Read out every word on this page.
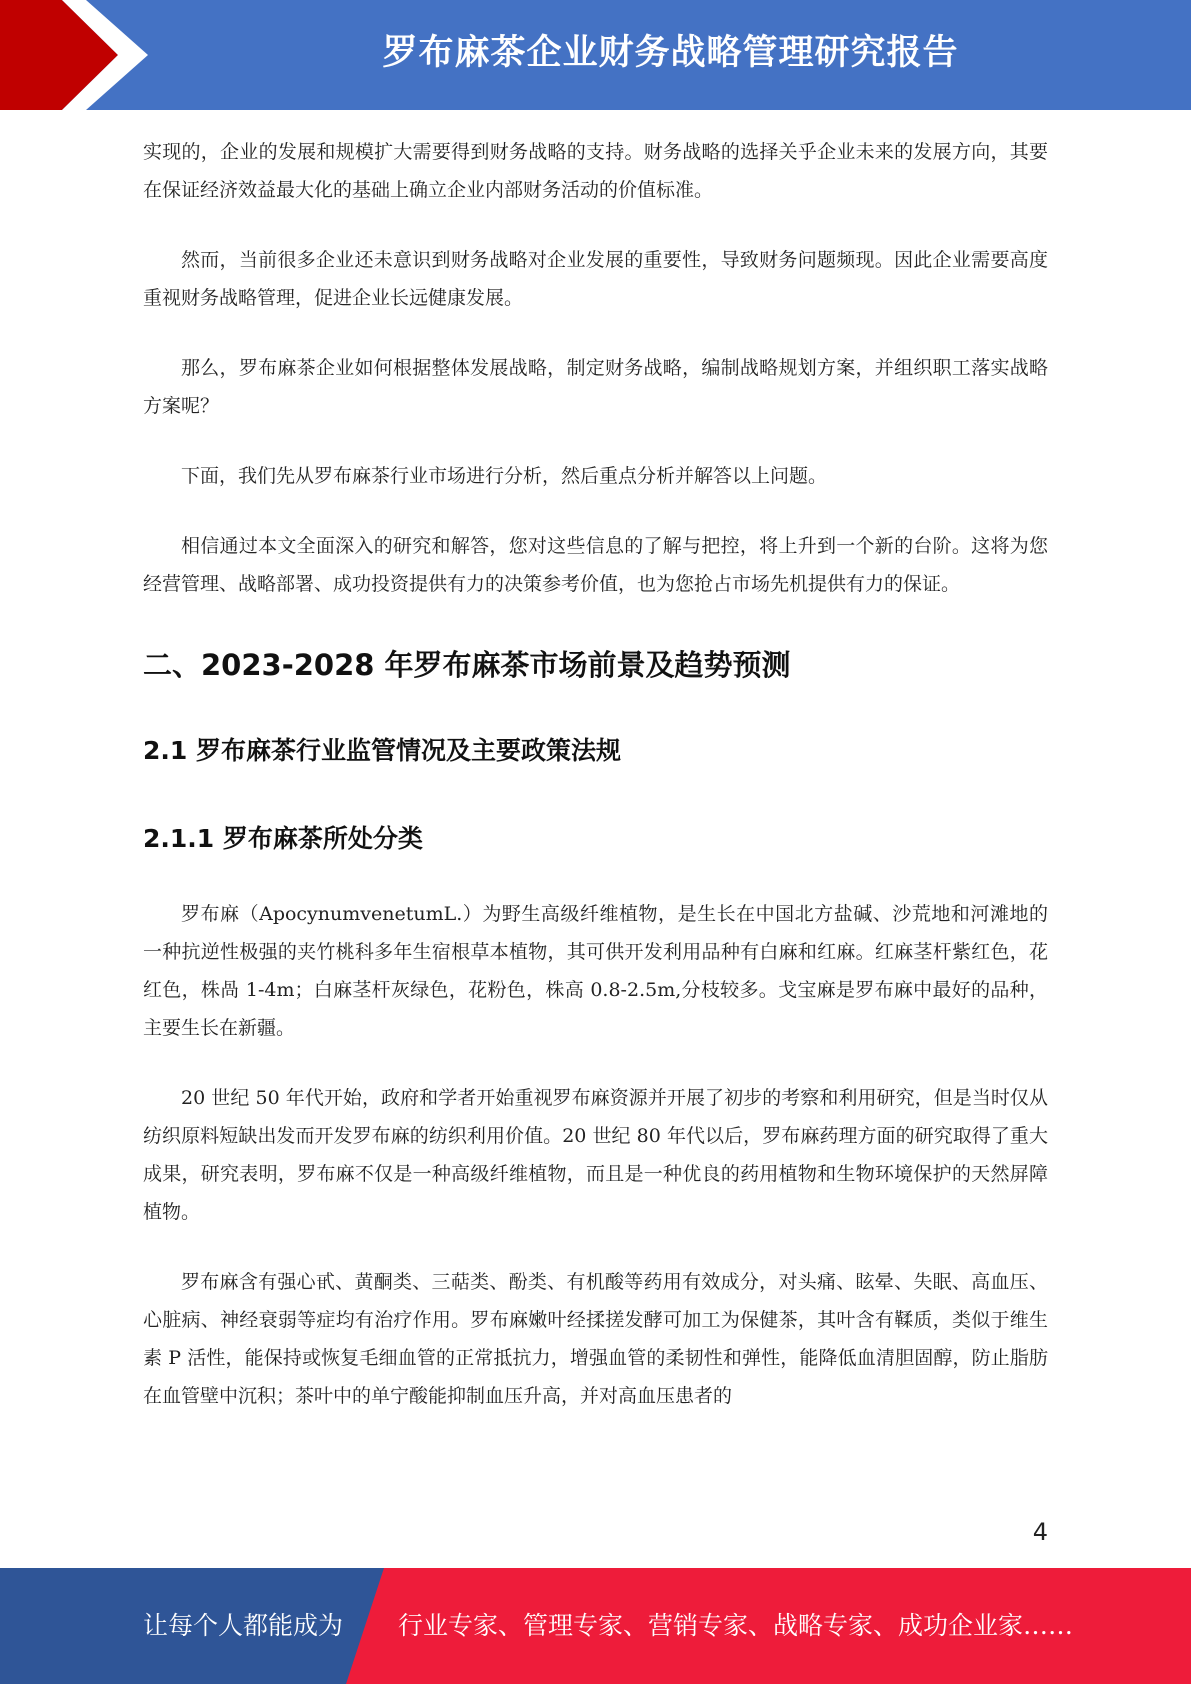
罗布麻茶企业财务战略管理研究报告

实现的，企业的发展和规模扩大需要得到财务战略的支持。财务战略的选择关乎企业未来的发展方向，其要在保证经济效益最大化的基础上确立企业内部财务活动的价值标准。

然而，当前很多企业还未意识到财务战略对企业发展的重要性，导致财务问题频现。因此企业需要高度重视财务战略管理，促进企业长远健康发展。

那么，罗布麻茶企业如何根据整体发展战略，制定财务战略，编制战略规划方案，并组织职工落实战略方案呢？

下面，我们先从罗布麻茶行业市场进行分析，然后重点分析并解答以上问题。

相信通过本文全面深入的研究和解答，您对这些信息的了解与把控，将上升到一个新的台阶。这将为您经营管理、战略部署、成功投资提供有力的决策参考价值，也为您抢占市场先机提供有力的保证。

二、2023-2028 年罗布麻茶市场前景及趋势预测
2.1 罗布麻茶行业监管情况及主要政策法规
2.1.1 罗布麻茶所处分类

罗布麻（ApocynumvenetumL.）为野生高级纤维植物，是生长在中国北方盐碱、沙荒地和河滩地的一种抗逆性极强的夹竹桃科多年生宿根草本植物，其可供开发利用品种有白麻和红麻。红麻茎杆紫红色，花红色，株咼 1-4m；白麻茎杆灰绿色，花粉色，株高 0.8-2.5m,分枝较多。戈宝麻是罗布麻中最好的品种，主要生长在新疆。

20 世纪 50 年代开始，政府和学者开始重视罗布麻资源并开展了初步的考察和利用研究，但是当时仅从纺织原料短缺出发而开发罗布麻的纺织利用价值。20 世纪 80 年代以后，罗布麻药理方面的研究取得了重大成果，研究表明，罗布麻不仅是一种高级纤维植物，而且是一种优良的药用植物和生物环境保护的天然屏障植物。

罗布麻含有强心甙、黄酮类、三萜类、酚类、有机酸等药用有效成分，对头痛、眩晕、失眠、高血压、心脏病、神经衰弱等症均有治疗作用。罗布麻嫩叶经揉搓发酵可加工为保健茶，其叶含有鞣质，类似于维生素 P 活性，能保持或恢复毛细血管的正常抵抗力，增强血管的柔韧性和弹性，能降低血清胆固醇，防止脂肪在血管壁中沉积；茶叶中的单宁酸能抑制血压升高，并对高血压患者的

4
让每个人都能成为 行业专家、管理专家、营销专家、战略专家、成功企业家……
